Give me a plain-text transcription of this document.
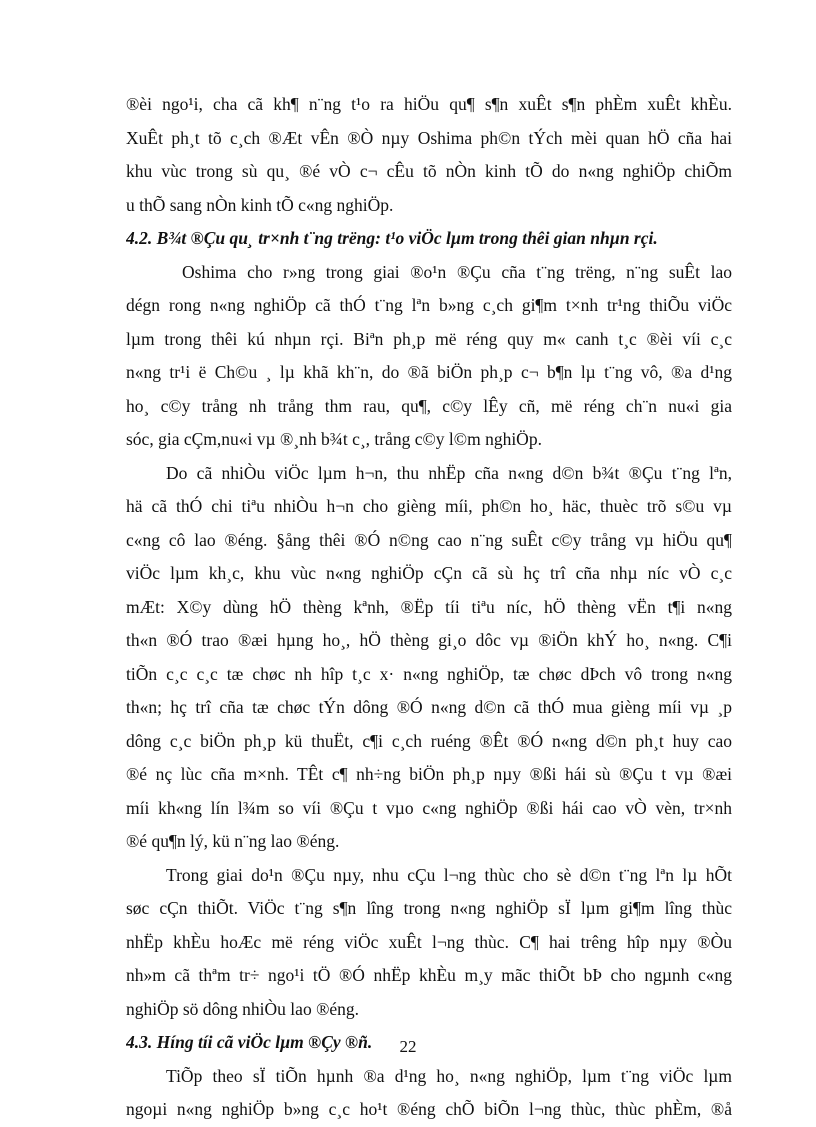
®èi ngo¹i, cha cã kh¶ n¨ng t¹o ra hiÖu qu¶ s¶n xuÊt s¶n phÈm xuÊt khÈu.
XuÊt ph¸t tõ c¸ch ®Æt vÊn ®Ò nµy Oshima ph©n tÝch mèi quan hÖ cña hai
khu vùc trong sù qu¸ ®é vÒ c¬ cÊu tõ nÒn kinh tÕ do n«ng nghiÖp chiÕm
u thÕ sang nÒn kinh tÕ c«ng nghiÖp.
4.2. B¾t ®Çu qu¸ tr×nh t¨ng trëng: t¹o viÖc lµm trong thêi gian nhµn rçi.
Oshima cho r»ng trong giai ®o¹n ®Çu cña t¨ng trëng, n¨ng suÊt lao
dégn rong n«ng nghiÖp cã thÓ t¨ng lªn b»ng c¸ch gi¶m t×nh tr¹ng thiÕu viÖc
lµm trong thêi kú nhµn rçi. Biªn ph¸p më réng quy m« canh t¸c ®èi víi c¸c
n«ng tr¹i ë Ch©u ¸ lµ khã kh¨n, do ®ã biÖn ph¸p c¬ b¶n lµ t¨ng vô, ®a d¹ng
ho¸ c©y trång nh trång thm rau, qu¶, c©y lÊy cñ, më réng ch¨n nu«i gia
sóc, gia cÇm,nu«i vµ ®¸nh b¾t c¸, trång c©y l©m nghiÖp.
Do cã nhiÒu viÖc lµm h¬n, thu nhËp cña n«ng d©n b¾t ®Çu t¨ng lªn,
hä cã thÓ chi tiªu nhiÒu h¬n cho gièng míi, ph©n ho¸ häc, thuèc trõ s©u vµ
c«ng cô lao ®éng. §ång thêi ®Ó n©ng cao n¨ng suÊt c©y trång vµ hiÖu qu¶
viÖc lµm kh¸c, khu vùc n«ng nghiÖp cÇn cã sù hç trî cña nhµ níc vÒ c¸c
mÆt: X©y dùng hÖ thèng kªnh, ®Ëp tíi tiªu níc, hÖ thèng vËn t¶i n«ng
th«n ®Ó trao ®æi hµng ho¸, hÖ thèng gi¸o dôc vµ ®iÖn khÝ ho¸ n«ng. C¶i
tiÕn c¸c c¸c tæ chøc nh hîp t¸c x· n«ng nghiÖp, tæ chøc dÞch vô trong n«ng
th«n; hç trî cña tæ chøc tÝn dông ®Ó n«ng d©n cã thÓ mua gièng míi vµ ¸p
dông c¸c biÖn ph¸p kü thuËt, c¶i c¸ch ruéng ®Êt ®Ó n«ng d©n ph¸t huy cao
®é nç lùc cña m×nh. TÊt c¶ nh÷ng biÖn ph¸p nµy ®ßi hái sù ®Çu t vµ ®æi
míi kh«ng lín l¾m so víi ®Çu t vµo c«ng nghiÖp ®ßi hái cao vÒ vèn, tr×nh
®é qu¶n lý, kü n¨ng lao ®éng.
Trong giai do¹n ®Çu nµy, nhu cÇu l¬ng thùc cho sè d©n t¨ng lªn lµ hÕt
søc cÇn thiÕt. ViÖc t¨ng s¶n lîng trong n«ng nghiÖp sÏ lµm gi¶m lîng thùc
nhËp khÈu hoÆc më réng viÖc xuÊt l¬ng thùc. C¶ hai trêng hîp nµy ®Òu
nh»m cã thªm tr÷ ngo¹i tÖ ®Ó nhËp khÈu m¸y mãc thiÕt bÞ cho ngµnh c«ng
nghiÖp sö dông nhiÒu lao ®éng.
4.3. Híng tíi cã viÖc lµm ®Çy ®ñ.
TiÕp theo sÏ tiÕn hµnh ®a d¹ng ho¸ n«ng nghiÖp, lµm t¨ng viÖc lµm
ngoµi n«ng nghiÖp b»ng c¸c ho¹t ®éng chÕ biÕn l¬ng thùc, thùc phÈm, ®å
22
